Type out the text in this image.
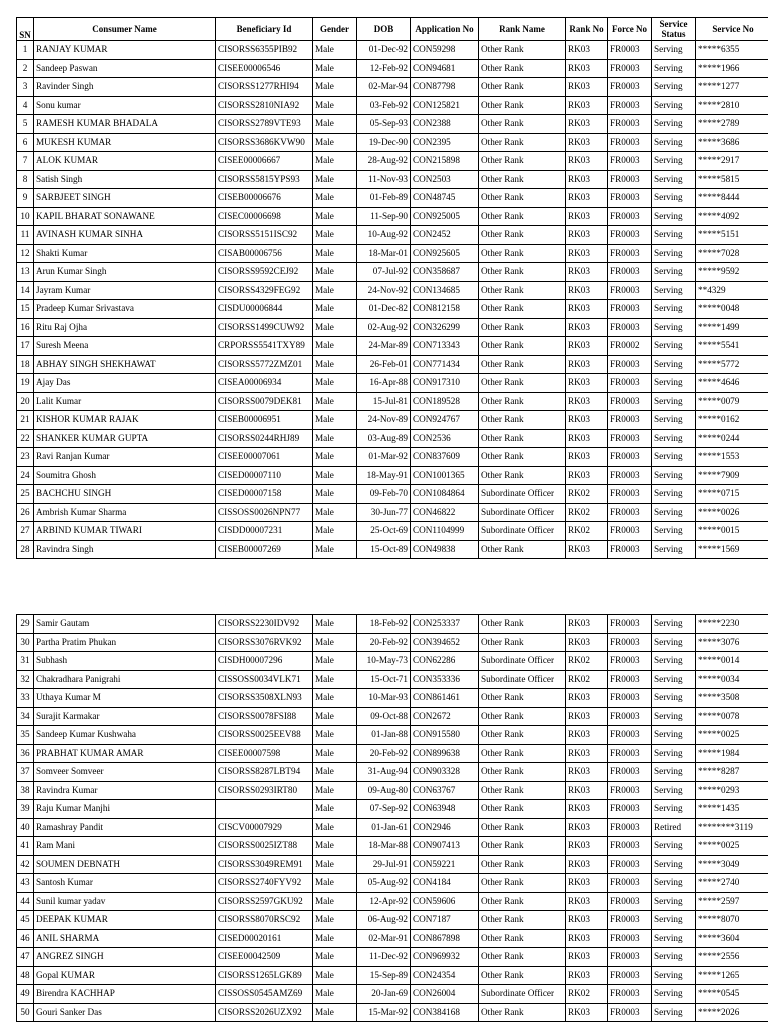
SN	Consumer Name	Beneficiary Id	Gender	DOB	Application No	Rank Name	Rank No	Force No	Service Status	Service No
1	RANJAY KUMAR	CISORSS6355PIB92	Male	01-Dec-92	CON59298	Other Rank	RK03	FR0003	Serving	*****6355
2	Sandeep Paswan	CISEE00006546	Male	12-Feb-92	CON94681	Other Rank	RK03	FR0003	Serving	*****1966
3	Ravinder Singh	CISORSS1277RHI94	Male	02-Mar-94	CON87798	Other Rank	RK03	FR0003	Serving	*****1277
4	Sonu kumar	CISORSS2810NIA92	Male	03-Feb-92	CON125821	Other Rank	RK03	FR0003	Serving	*****2810
5	RAMESH KUMAR BHADALA	CISORSS2789VTE93	Male	05-Sep-93	CON2388	Other Rank	RK03	FR0003	Serving	*****2789
6	MUKESH KUMAR	CISORSS3686KVW90	Male	19-Dec-90	CON2395	Other Rank	RK03	FR0003	Serving	*****3686
7	ALOK KUMAR	CISEE00006667	Male	28-Aug-92	CON215898	Other Rank	RK03	FR0003	Serving	*****2917
8	Satish Singh	CISORSS5815YPS93	Male	11-Nov-93	CON2503	Other Rank	RK03	FR0003	Serving	*****5815
9	SARBJEET SINGH	CISEB00006676	Male	01-Feb-89	CON48745	Other Rank	RK03	FR0003	Serving	*****8444
10	KAPIL BHARAT SONAWANE	CISEC00006698	Male	11-Sep-90	CON925005	Other Rank	RK03	FR0003	Serving	*****4092
11	AVINASH KUMAR SINHA	CISORSS5151ISC92	Male	10-Aug-92	CON2452	Other Rank	RK03	FR0003	Serving	*****5151
12	Shakti Kumar	CISAB00006756	Male	18-Mar-01	CON925605	Other Rank	RK03	FR0003	Serving	*****7028
13	Arun Kumar Singh	CISORSS9592CEJ92	Male	07-Jul-92	CON358687	Other Rank	RK03	FR0003	Serving	*****9592
14	Jayram Kumar	CISORSS4329FEG92	Male	24-Nov-92	CON134685	Other Rank	RK03	FR0003	Serving	**4329
15	Pradeep Kumar Srivastava	CISDU00006844	Male	01-Dec-82	CON812158	Other Rank	RK03	FR0003	Serving	*****0048
16	Ritu Raj Ojha	CISORSS1499CUW92	Male	02-Aug-92	CON326299	Other Rank	RK03	FR0003	Serving	*****1499
17	Suresh Meena	CRPORSS5541TXY89	Male	24-Mar-89	CON713343	Other Rank	RK03	FR0002	Serving	*****5541
18	ABHAY SINGH SHEKHAWAT	CISORSS5772ZMZ01	Male	26-Feb-01	CON771434	Other Rank	RK03	FR0003	Serving	*****5772
19	Ajay Das	CISEA00006934	Male	16-Apr-88	CON917310	Other Rank	RK03	FR0003	Serving	*****4646
20	Lalit Kumar	CISORSS0079DEK81	Male	15-Jul-81	CON189528	Other Rank	RK03	FR0003	Serving	*****0079
21	KISHOR KUMAR RAJAK	CISEB00006951	Male	24-Nov-89	CON924767	Other Rank	RK03	FR0003	Serving	*****0162
22	SHANKER KUMAR GUPTA	CISORSS0244RHJ89	Male	03-Aug-89	CON2536	Other Rank	RK03	FR0003	Serving	*****0244
23	Ravi Ranjan Kumar	CISEE00007061	Male	01-Mar-92	CON837609	Other Rank	RK03	FR0003	Serving	*****1553
24	Soumitra Ghosh	CISED00007110	Male	18-May-91	CON1001365	Other Rank	RK03	FR0003	Serving	*****7909
25	BACHCHU SINGH	CISED00007158	Male	09-Feb-70	CON1084864	Subordinate Officer	RK02	FR0003	Serving	*****0715
26	Ambrish Kumar Sharma	CISSOSS0026NPN77	Male	30-Jun-77	CON46822	Subordinate Officer	RK02	FR0003	Serving	*****0026
27	ARBIND KUMAR TIWARI	CISDD00007231	Male	25-Oct-69	CON1104999	Subordinate Officer	RK02	FR0003	Serving	*****0015
28	Ravindra Singh	CISEB00007269	Male	15-Oct-89	CON49838	Other Rank	RK03	FR0003	Serving	*****1569
29	Samir Gautam	CISORSS2230IDV92	Male	18-Feb-92	CON253337	Other Rank	RK03	FR0003	Serving	*****2230
30	Partha Pratim Phukan	CISORSS3076RVK92	Male	20-Feb-92	CON394652	Other Rank	RK03	FR0003	Serving	*****3076
31	Subhash	CISDH00007296	Male	10-May-73	CON62286	Subordinate Officer	RK02	FR0003	Serving	*****0014
32	Chakradhara Panigrahi	CISSOSS0034VLK71	Male	15-Oct-71	CON353336	Subordinate Officer	RK02	FR0003	Serving	*****0034
33	Uthaya Kumar M	CISORSS3508XLN93	Male	10-Mar-93	CON861461	Other Rank	RK03	FR0003	Serving	*****3508
34	Surajit Karmakar	CISORSS0078FSI88	Male	09-Oct-88	CON2672	Other Rank	RK03	FR0003	Serving	*****0078
35	Sandeep Kumar Kushwaha	CISORSS0025EEV88	Male	01-Jan-88	CON915580	Other Rank	RK03	FR0003	Serving	*****0025
36	PRABHAT KUMAR AMAR	CISEE00007598	Male	20-Feb-92	CON899638	Other Rank	RK03	FR0003	Serving	*****1984
37	Somveer Somveer	CISORSS8287LBT94	Male	31-Aug-94	CON903328	Other Rank	RK03	FR0003	Serving	*****8287
38	Ravindra Kumar	CISORSS0293IRT80	Male	09-Aug-80	CON63767	Other Rank	RK03	FR0003	Serving	*****0293
39	Raju Kumar Manjhi		Male	07-Sep-92	CON63948	Other Rank	RK03	FR0003	Serving	*****1435
40	Ramashray Pandit	CISCV00007929	Male	01-Jan-61	CON2946	Other Rank	RK03	FR0003	Retired	********3119
41	Ram Mani	CISORSS0025IZT88	Male	18-Mar-88	CON907413	Other Rank	RK03	FR0003	Serving	*****0025
42	SOUMEN DEBNATH	CISORSS3049REM91	Male	29-Jul-91	CON59221	Other Rank	RK03	FR0003	Serving	*****3049
43	Santosh Kumar	CISORSS2740FYV92	Male	05-Aug-92	CON4184	Other Rank	RK03	FR0003	Serving	*****2740
44	Sunil kumar yadav	CISORSS2597GKU92	Male	12-Apr-92	CON59606	Other Rank	RK03	FR0003	Serving	*****2597
45	DEEPAK KUMAR	CISORSS8070RSC92	Male	06-Aug-92	CON7187	Other Rank	RK03	FR0003	Serving	*****8070
46	ANIL SHARMA	CISED00020161	Male	02-Mar-91	CON867898	Other Rank	RK03	FR0003	Serving	*****3604
47	ANGREZ SINGH	CISEE00042509	Male	11-Dec-92	CON969932	Other Rank	RK03	FR0003	Serving	*****2556
48	Gopal KUMAR	CISORSS1265LGK89	Male	15-Sep-89	CON24354	Other Rank	RK03	FR0003	Serving	*****1265
49	Birendra KACHHAP	CISSOSS0545AMZ69	Male	20-Jan-69	CON26004	Subordinate Officer	RK02	FR0003	Serving	*****0545
50	Gouri Sanker Das	CISORSS2026UZX92	Male	15-Mar-92	CON384168	Other Rank	RK03	FR0003	Serving	*****2026
